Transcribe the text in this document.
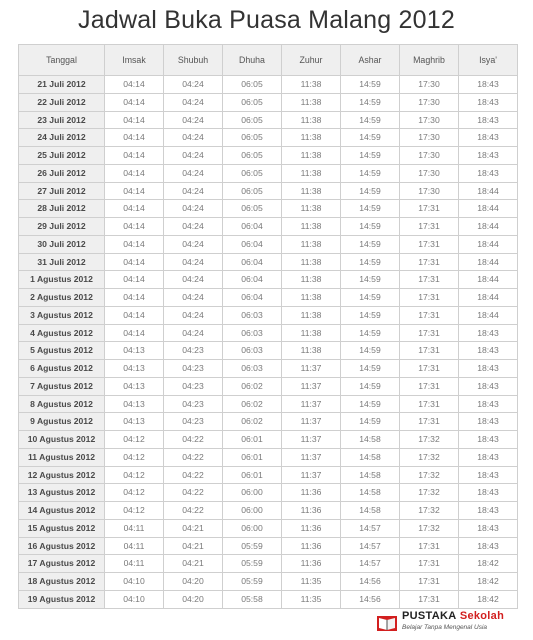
Jadwal Buka Puasa Malang 2012
Tanggal	Imsak	Shubuh	Dhuha	Zuhur	Ashar	Maghrib	Isya'
21 Juli 2012	04:14	04:24	06:05	11:38	14:59	17:30	18:43
22 Juli 2012	04:14	04:24	06:05	11:38	14:59	17:30	18:43
23 Juli 2012	04:14	04:24	06:05	11:38	14:59	17:30	18:43
24 Juli 2012	04:14	04:24	06:05	11:38	14:59	17:30	18:43
25 Juli 2012	04:14	04:24	06:05	11:38	14:59	17:30	18:43
26 Juli 2012	04:14	04:24	06:05	11:38	14:59	17:30	18:43
27 Juli 2012	04:14	04:24	06:05	11:38	14:59	17:30	18:44
28 Juli 2012	04:14	04:24	06:05	11:38	14:59	17:31	18:44
29 Juli 2012	04:14	04:24	06:04	11:38	14:59	17:31	18:44
30 Juli 2012	04:14	04:24	06:04	11:38	14:59	17:31	18:44
31 Juli 2012	04:14	04:24	06:04	11:38	14:59	17:31	18:44
1 Agustus 2012	04:14	04:24	06:04	11:38	14:59	17:31	18:44
2 Agustus 2012	04:14	04:24	06:04	11:38	14:59	17:31	18:44
3 Agustus 2012	04:14	04:24	06:03	11:38	14:59	17:31	18:44
4 Agustus 2012	04:14	04:24	06:03	11:38	14:59	17:31	18:43
5 Agustus 2012	04:13	04:23	06:03	11:38	14:59	17:31	18:43
6 Agustus 2012	04:13	04:23	06:03	11:37	14:59	17:31	18:43
7 Agustus 2012	04:13	04:23	06:02	11:37	14:59	17:31	18:43
8 Agustus 2012	04:13	04:23	06:02	11:37	14:59	17:31	18:43
9 Agustus 2012	04:13	04:23	06:02	11:37	14:59	17:31	18:43
10 Agustus 2012	04:12	04:22	06:01	11:37	14:58	17:32	18:43
11 Agustus 2012	04:12	04:22	06:01	11:37	14:58	17:32	18:43
12 Agustus 2012	04:12	04:22	06:01	11:37	14:58	17:32	18:43
13 Agustus 2012	04:12	04:22	06:00	11:36	14:58	17:32	18:43
14 Agustus 2012	04:12	04:22	06:00	11:36	14:58	17:32	18:43
15 Agustus 2012	04:11	04:21	06:00	11:36	14:57	17:32	18:43
16 Agustus 2012	04:11	04:21	05:59	11:36	14:57	17:31	18:43
17 Agustus 2012	04:11	04:21	05:59	11:36	14:57	17:31	18:42
18 Agustus 2012	04:10	04:20	05:59	11:35	14:56	17:31	18:42
19 Agustus 2012	04:10	04:20	05:58	11:35	14:56	17:31	18:42
PUSTAKA Sekolah
Belajar Tanpa Mengenal Usia
